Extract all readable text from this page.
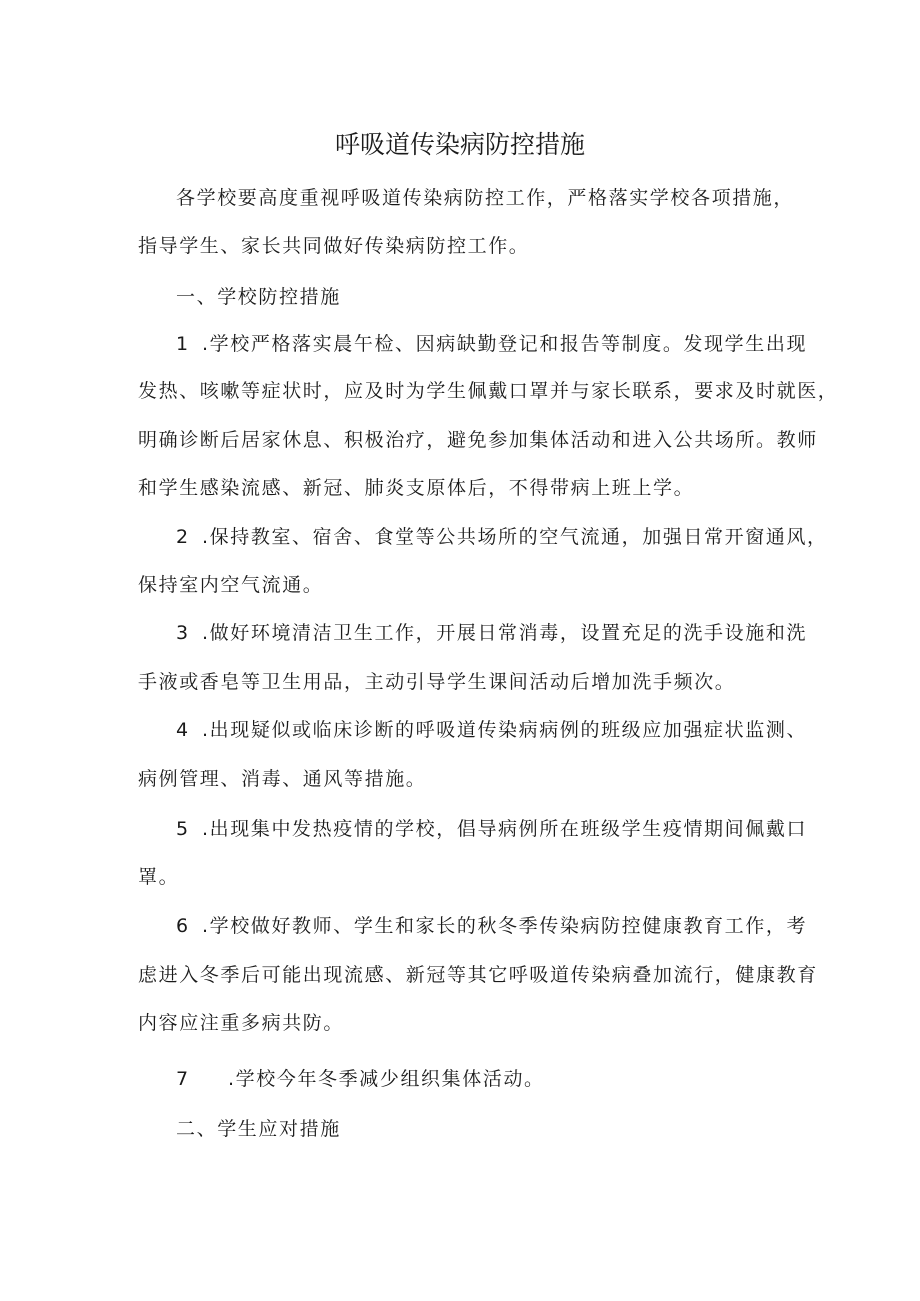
呼吸道传染病防控措施

各学校要高度重视呼吸道传染病防控工作，严格落实学校各项措施，

指导学生、家长共同做好传染病防控工作。

一、学校防控措施

1 .学校严格落实晨午检、因病缺勤登记和报告等制度。发现学生出现

发热、咳嗽等症状时，应及时为学生佩戴口罩并与家长联系，要求及时就医，

明确诊断后居家休息、积极治疗，避免参加集体活动和进入公共场所。教师

和学生感染流感、新冠、肺炎支原体后，不得带病上班上学。

2 .保持教室、宿舍、食堂等公共场所的空气流通，加强日常开窗通风，

保持室内空气流通。

3 .做好环境清洁卫生工作，开展日常消毒，设置充足的洗手设施和洗

手液或香皂等卫生用品，主动引导学生课间活动后增加洗手频次。

4 .出现疑似或临床诊断的呼吸道传染病病例的班级应加强症状监测、

病例管理、消毒、通风等措施。

5 .出现集中发热疫情的学校，倡导病例所在班级学生疫情期间佩戴口

罩。

6 .学校做好教师、学生和家长的秋冬季传染病防控健康教育工作，考

虑进入冬季后可能出现流感、新冠等其它呼吸道传染病叠加流行，健康教育

内容应注重多病共防。

7 .学校今年冬季减少组织集体活动。

二、学生应对措施
